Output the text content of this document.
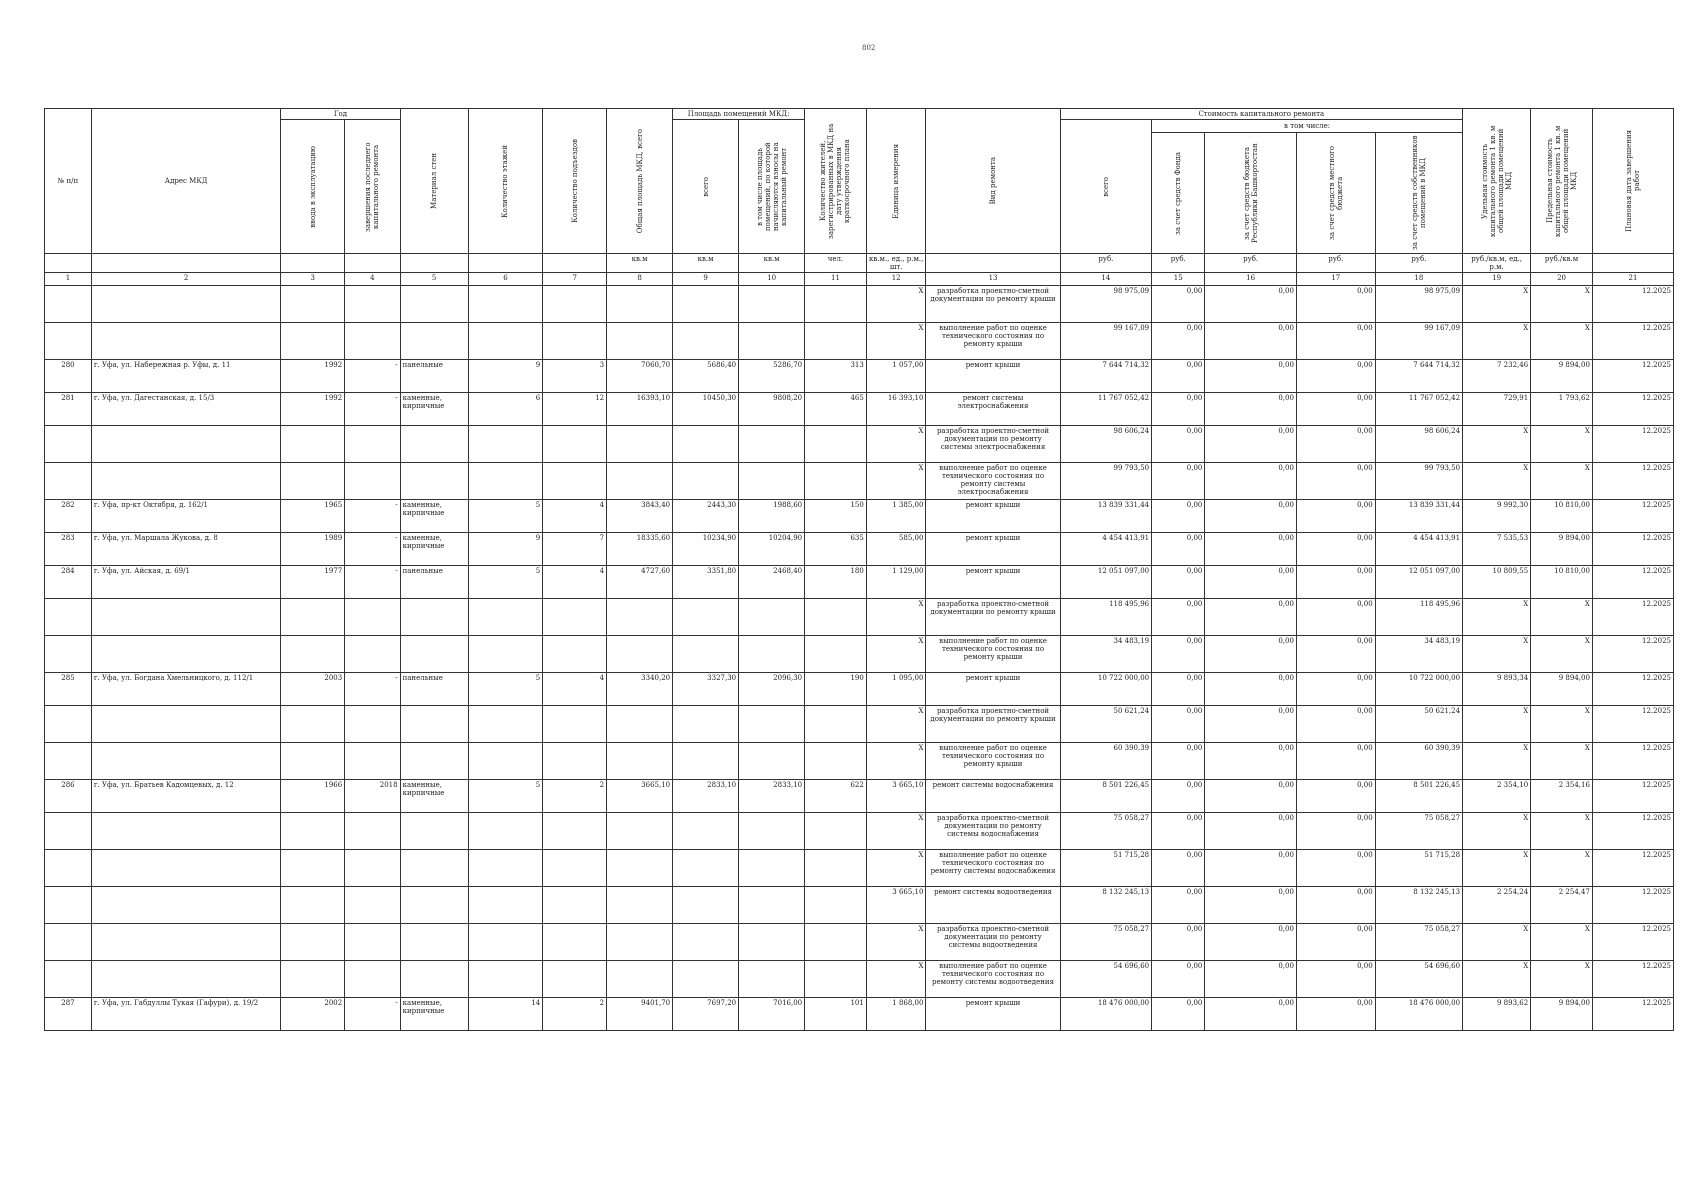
802
№ п/п	Адрес МКД	Год		Материал стен	Количество этажей	Количество подъездов	Общая площадь МКД, всего	Площадь помещений МКД:		Количество жителей, зарегистрированных в МКД на дату утверждения краткосрочного плана	Единица измерения	Вид ремонта	Стоимость капитального ремонта					Удельная стоимость капитального ремонта 1 кв. м общей площади помещений МКД	Предельная стоимость капитального ремонта 1 кв. м общей площади помещений МКД	Плановая дата завершения работ

		ввода в эксплуатацию	завершения последнего капитального ремонта					всего	в том числе площадь помещений, по которой начисляются взносы на капитальный ремонт				всего	в том числе:						

														за счет средств Фонда	за счет средств бюджета Республики Башкортостан	за счет средств местного бюджета	за счет средств собственников помещений в МКД			

							кв.м	кв.м	кв.м	чел.	кв.м., ед., р.м., шт.		руб.	руб.	руб.	руб.	руб.	руб./кв.м, ед., р.м.	руб./кв.м	
1	2	3	4	5	6	7	8	9	10	11	12	13	14	15	16	17	18	19	20	21
											X	разработка проектно-сметной документации по ремонту крыши	98 975,09	0,00	0,00	0,00	98 975,09	X	X	12.2025
											X	выполнение работ по оценке технического состояния по ремонту крыши	99 167,09	0,00	0,00	0,00	99 167,09	X	X	12.2025
280	г. Уфа, ул. Набережная р. Уфы, д. 11	1992	-	панельные	9	3	7060,70	5686,40	5286,70	313	1 057,00	ремонт крыши	7 644 714,32	0,00	0,00	0,00	7 644 714,32	7 232,46	9 894,00	12.2025
281	г. Уфа, ул. Дагестанская, д. 15/3	1992	-	каменные, кирпичные	6	12	16393,10	10450,30	9808,20	465	16 393,10	ремонт системы электроснабжения	11 767 052,42	0,00	0,00	0,00	11 767 052,42	729,91	1 793,62	12.2025
											X	разработка проектно-сметной документации по ремонту системы электроснабжения	98 606,24	0,00	0,00	0,00	98 606,24	X	X	12.2025
											X	выполнение работ по оценке технического состояния по ремонту системы электроснабжения	99 793,50	0,00	0,00	0,00	99 793,50	X	X	12.2025
282	г. Уфа, пр-кт Октября, д. 162/1	1965	-	каменные, кирпичные	5	4	3843,40	2443,30	1988,60	150	1 385,00	ремонт крыши	13 839 331,44	0,00	0,00	0,00	13 839 331,44	9 992,30	10 810,00	12.2025
283	г. Уфа, ул. Маршала Жукова, д. 8	1989	-	каменные, кирпичные	9	7	18335,60	10234,90	10204,90	635	585,00	ремонт крыши	4 454 413,91	0,00	0,00	0,00	4 454 413,91	7 535,53	9 894,00	12.2025
284	г. Уфа, ул. Айская, д. 69/1	1977	-	панельные	5	4	4727,60	3351,80	2468,40	180	1 129,00	ремонт крыши	12 051 097,00	0,00	0,00	0,00	12 051 097,00	10 809,55	10 810,00	12.2025
											X	разработка проектно-сметной документации по ремонту крыши	118 495,96	0,00	0,00	0,00	118 495,96	X	X	12.2025
											X	выполнение работ по оценке технического состояния по ремонту крыши	34 483,19	0,00	0,00	0,00	34 483,19	X	X	12.2025
285	г. Уфа, ул. Богдана Хмельницкого, д. 112/1	2003	-	панельные	5	4	3340,20	3327,30	2096,30	190	1 095,00	ремонт крыши	10 722 000,00	0,00	0,00	0,00	10 722 000,00	9 893,34	9 894,00	12.2025
											X	разработка проектно-сметной документации по ремонту крыши	50 621,24	0,00	0,00	0,00	50 621,24	X	X	12.2025
											X	выполнение работ по оценке технического состояния по ремонту крыши	60 390,39	0,00	0,00	0,00	60 390,39	X	X	12.2025
286	г. Уфа, ул. Братьев Кадомцевых, д. 12	1966	2018	каменные, кирпичные	5	2	3665,10	2833,10	2833,10	622	3 665,10	ремонт системы водоснабжения	8 501 226,45	0,00	0,00	0,00	8 501 226,45	2 354,10	2 354,16	12.2025
											X	разработка проектно-сметной документации по ремонту системы водоснабжения	75 058,27	0,00	0,00	0,00	75 058,27	X	X	12.2025
											X	выполнение работ по оценке технического состояния по ремонту системы водоснабжения	51 715,28	0,00	0,00	0,00	51 715,28	X	X	12.2025
											3 665,10	ремонт системы водоотведения	8 132 245,13	0,00	0,00	0,00	8 132 245,13	2 254,24	2 254,47	12.2025
											X	разработка проектно-сметной документации по ремонту системы водоотведения	75 058,27	0,00	0,00	0,00	75 058,27	X	X	12.2025
											X	выполнение работ по оценке технического состояния по ремонту системы водоотведения	54 696,60	0,00	0,00	0,00	54 696,60	X	X	12.2025
287	г. Уфа, ул. Габдуллы Тукая (Гафури), д. 19/2	2002	-	каменные, кирпичные	14	2	9401,70	7697,20	7016,00	101	1 868,00	ремонт крыши	18 476 000,00	0,00	0,00	0,00	18 476 000,00	9 893,62	9 894,00	12.2025
